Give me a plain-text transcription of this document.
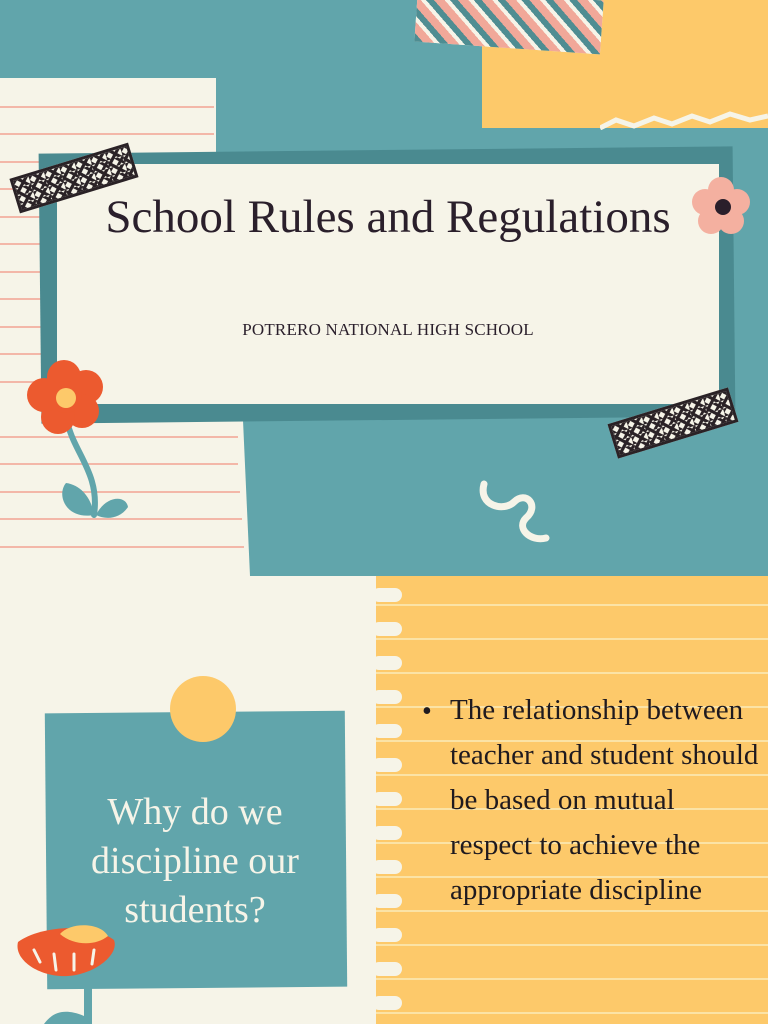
School Rules and Regulations
POTRERO NATIONAL HIGH SCHOOL
Why do we discipline our students?
• The relationship between teacher and student should be based on mutual respect to achieve the appropriate discipline
